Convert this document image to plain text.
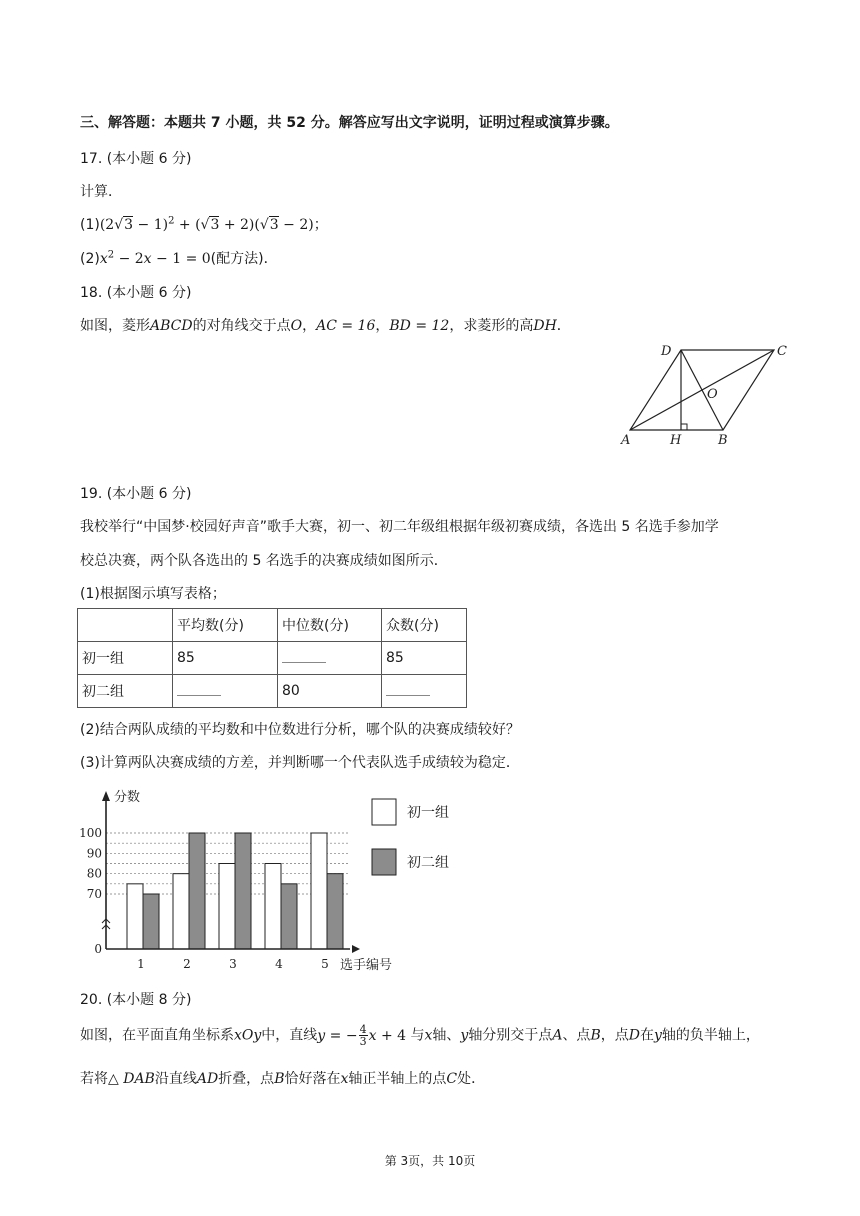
三、解答题：本题共 7 小题，共 52 分。解答应写出文字说明，证明过程或演算步骤。
17. (本小题 6 分)
计算．
$(1)(2√3 - 1)^2 + (√3 + 2)(√3 - 2)$；
$(2)x^2 - 2x - 1 = 0$(配方法)．
18. (本小题 6 分)
如图，菱形ABCD的对角线交于点O，AC = 16，BD = 12，求菱形的高DH．
D	C
O
A	H	B
19. (本小题 6 分)
我校举行“中国梦·校园好声音”歌手大赛，初一、初二年级组根据年级初赛成绩，各选出 5 名选手参加学
校总决赛，两个队各选出的 5 名选手的决赛成绩如图所示．
(1)根据图示填写表格；
	平均数(分)	中位数(分)	众数(分)
初一组	85		85
初二组		80	
(2)结合两队成绩的平均数和中位数进行分析，哪个队的决赛成绩较好？
(3)计算两队决赛成绩的方差，并判断哪一个代表队选手成绩较为稳定．
0
70
80
90
100
1	2	3	4	5
分数
选手编号
初一组
初二组
20. (本小题 8 分)
如图，在平面直角坐标系xOy中，直线y = − $\frac{4}{3}$ x + 4 与x轴、y轴分别交于点A、点B，点D在y轴的负半轴上，
若将△ DAB沿直线AD折叠，点B恰好落在x轴正半轴上的点C处．
第 3页，共 10页
